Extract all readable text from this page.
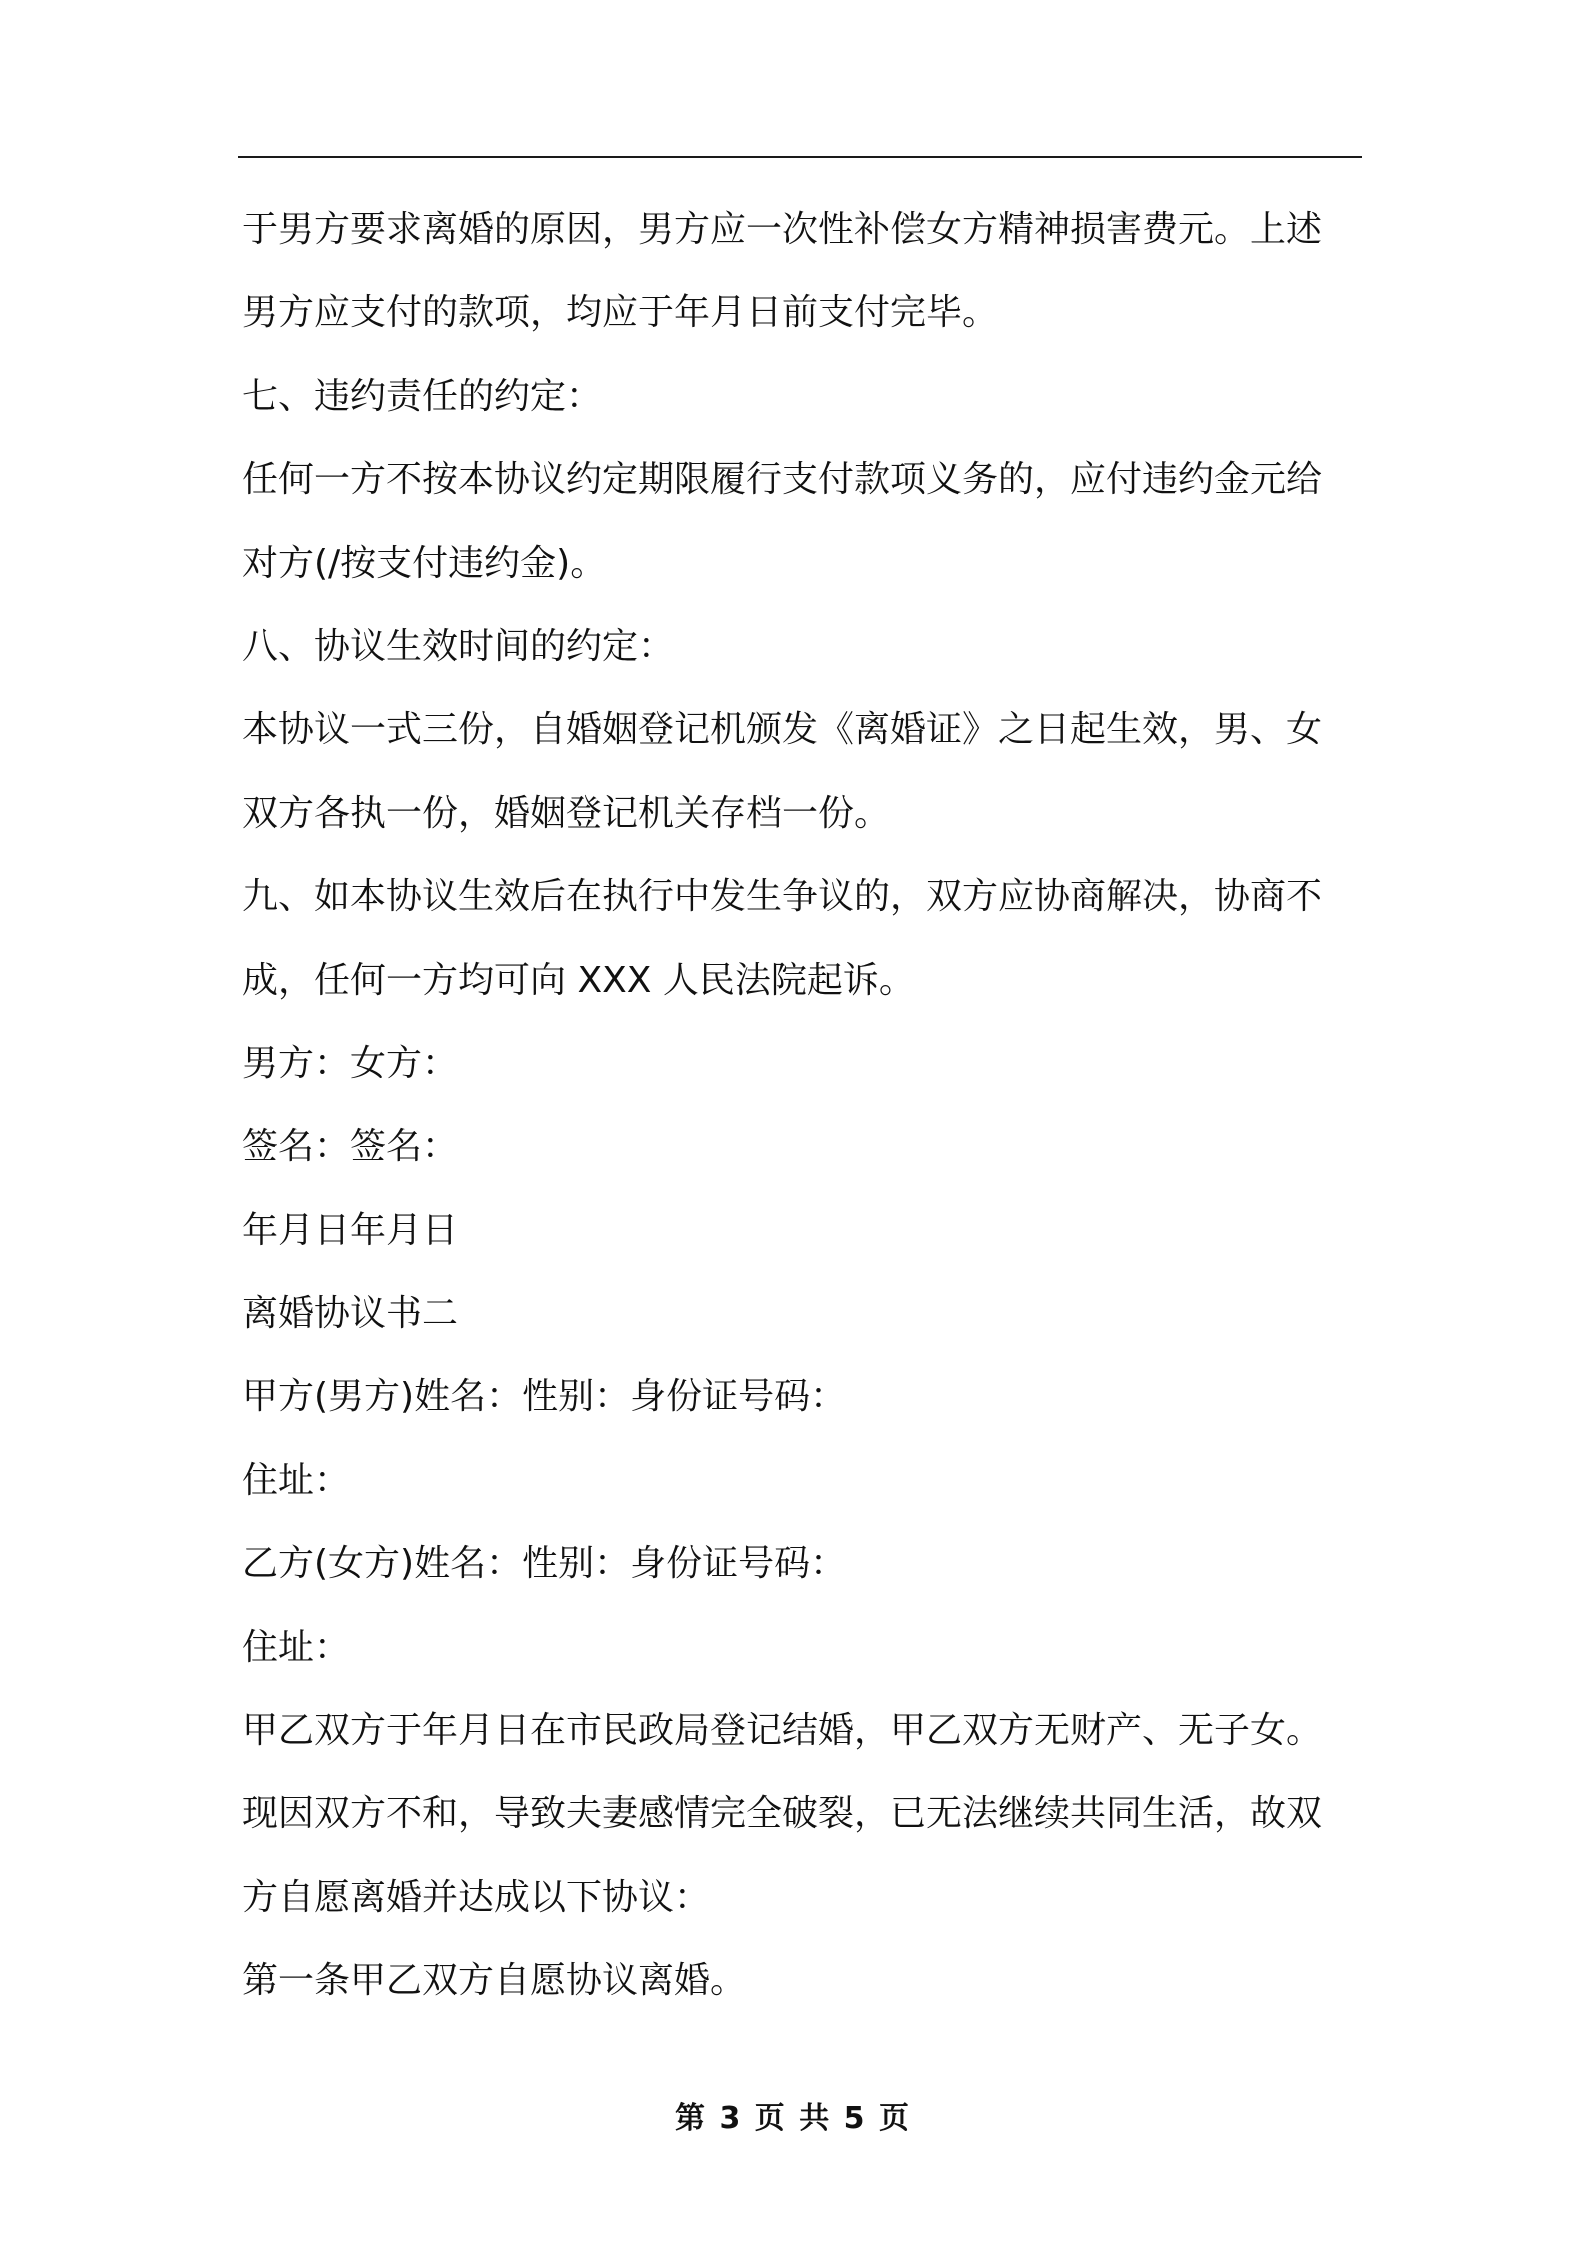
于男方要求离婚的原因，男方应一次性补偿女方精神损害费元。上述
男方应支付的款项，均应于年月日前支付完毕。
七、违约责任的约定：
任何一方不按本协议约定期限履行支付款项义务的，应付违约金元给
对方(/按支付违约金)。
八、协议生效时间的约定：
本协议一式三份，自婚姻登记机颁发《离婚证》之日起生效，男、女
双方各执一份，婚姻登记机关存档一份。
九、如本协议生效后在执行中发生争议的，双方应协商解决，协商不
成，任何一方均可向 XXX 人民法院起诉。
男方：女方：
签名：签名：
年月日年月日
离婚协议书二
甲方(男方)姓名：性别：身份证号码：
住址：
乙方(女方)姓名：性别：身份证号码：
住址：
甲乙双方于年月日在市民政局登记结婚，甲乙双方无财产、无子女。
现因双方不和，导致夫妻感情完全破裂，已无法继续共同生活，故双
方自愿离婚并达成以下协议：
第一条甲乙双方自愿协议离婚。
第 3 页 共 5 页
